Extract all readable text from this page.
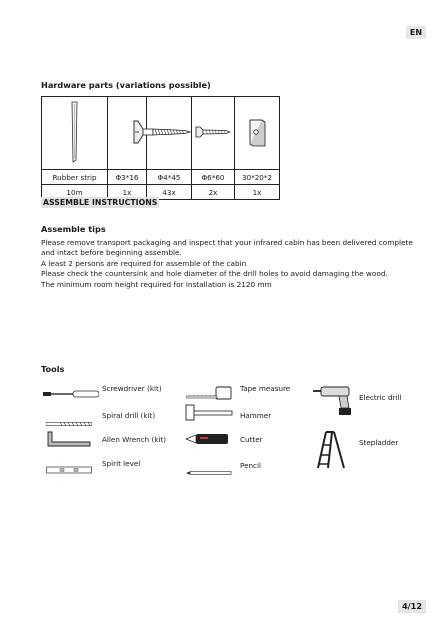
EN
Hardware parts (variations possible)

Rubber strip	Φ3*16	Φ4*45	Φ6*60	30*20*2
10m	1x	43x	2x	1x
ASSEMBLE INSTRUCTIONS
Assemble tips
Please remove transport packaging and inspect that your infrared cabin has been delivered complete
and intact before beginning assemble.
A least 2 persons are required for assemble of the cabin
Please check the countersink and hole diameter of the drill holes to avoid damaging the wood.
The minimum room height required for installation is 2120 mm
Tools
Screwdriver (kit)
Spiral drill (kit)
Allen Wrench (kit)
Spirit level
Tape measure
Hammer
Cutter
Pencil
Electric drill
Stepladder
4/12
